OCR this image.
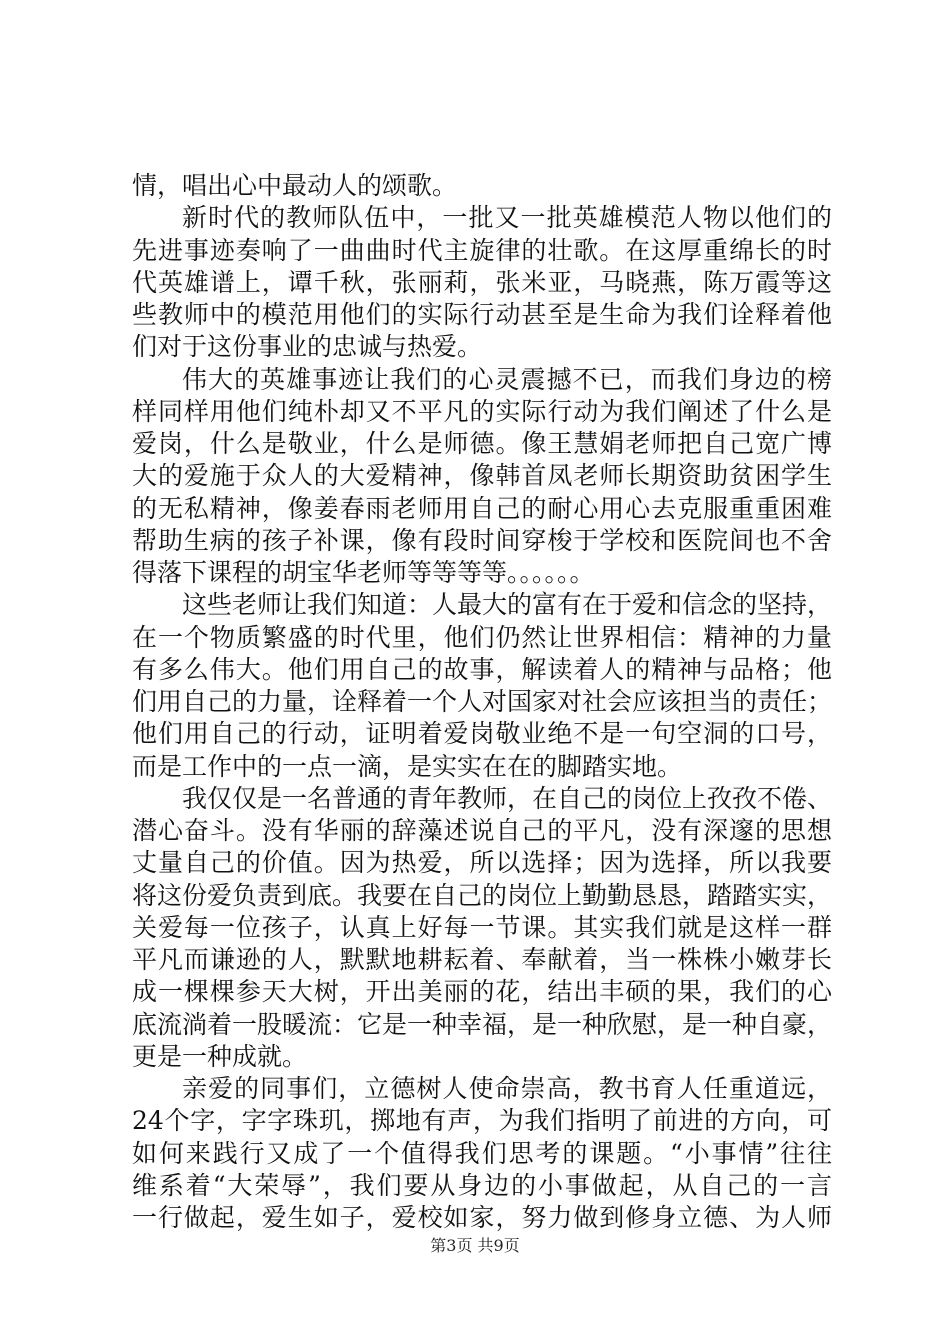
情，唱出心中最动人的颂歌。
新时代的教师队伍中，一批又一批英雄模范人物以他们的
先进事迹奏响了一曲曲时代主旋律的壮歌。在这厚重绵长的时
代英雄谱上，谭千秋，张丽莉，张米亚，马晓燕，陈万霞等这
些教师中的模范用他们的实际行动甚至是生命为我们诠释着他
们对于这份事业的忠诚与热爱。
伟大的英雄事迹让我们的心灵震撼不已，而我们身边的榜
样同样用他们纯朴却又不平凡的实际行动为我们阐述了什么是
爱岗，什么是敬业，什么是师德。像王慧娟老师把自己宽广博
大的爱施于众人的大爱精神，像韩首凤老师长期资助贫困学生
的无私精神，像姜春雨老师用自己的耐心用心去克服重重困难
帮助生病的孩子补课，像有段时间穿梭于学校和医院间也不舍
得落下课程的胡宝华老师等等等等。。。。。。
这些老师让我们知道：人最大的富有在于爱和信念的坚持，
在一个物质繁盛的时代里，他们仍然让世界相信：精神的力量
有多么伟大。他们用自己的故事，解读着人的精神与品格；他
们用自己的力量，诠释着一个人对国家对社会应该担当的责任；
他们用自己的行动，证明着爱岗敬业绝不是一句空洞的口号，
而是工作中的一点一滴，是实实在在的脚踏实地。
我仅仅是一名普通的青年教师，在自己的岗位上孜孜不倦、
潜心奋斗。没有华丽的辞藻述说自己的平凡，没有深邃的思想
丈量自己的价值。因为热爱，所以选择；因为选择，所以我要
将这份爱负责到底。我要在自己的岗位上勤勤恳恳，踏踏实实，
关爱每一位孩子，认真上好每一节课。其实我们就是这样一群
平凡而谦逊的人，默默地耕耘着、奉献着，当一株株小嫩芽长
成一棵棵参天大树，开出美丽的花，结出丰硕的果，我们的心
底流淌着一股暖流：它是一种幸福，是一种欣慰，是一种自豪，
更是一种成就。
亲爱的同事们，立德树人使命崇高，教书育人任重道远，
24个字，字字珠玑，掷地有声，为我们指明了前进的方向，可
如何来践行又成了一个值得我们思考的课题。“小事情”往往
维系着“大荣辱”，我们要从身边的小事做起，从自己的一言
一行做起，爱生如子，爱校如家，努力做到修身立德、为人师
第3页 共9页
